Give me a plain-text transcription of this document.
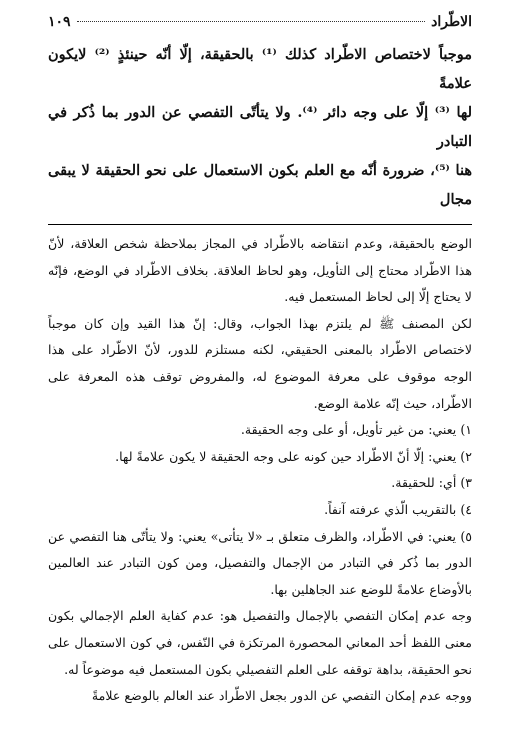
الاطّراد
١٠٩

موجباً لاختصاص الاطّراد كذلك ⁽¹⁾ بالحقيقة، إلّا أنّه حينئذٍ ⁽²⁾ لايكون علامةً

لها ⁽³⁾ إلّا على وجه دائر ⁽⁴⁾. ولا يتأتّى التفصي عن الدور بما ذُكر في التبادر

هنا ⁽⁵⁾، ضرورة أنّه مع العلم بكون الاستعمال على نحو الحقيقة لا يبقى مجال

الوضع بالحقيقة، وعدم انتقاضه بالاطّراد في المجاز بملاحظة شخص العلاقة، لأنّ هذا الاطّراد محتاج إلى التأويل، وهو لحاظ العلاقة. بخلاف الاطّراد في الوضع، فإنّه لا يحتاج إلّا إلى لحاظ المستعمل فيه.

لكن المصنف ﷺ لم يلتزم بهذا الجواب، وقال: إنّ هذا القيد وإن كان موجباً لاختصاص الاطّراد بالمعنى الحقيقي، لكنه مستلزم للدور، لأنّ الاطّراد على هذا الوجه موقوف على معرفة الموضوع له، والمفروض توقف هذه المعرفة على الاطّراد، حيث إنّه علامة الوضع.

١) يعني: من غير تأويل، أو على وجه الحقيقة.
٢) يعني: إلّا أنّ الاطّراد حين كونه على وجه الحقيقة لا يكون علامةً لها.
٣) أي: للحقيقة.
٤) بالتقريب الّذي عرفته آنفاً.

٥) يعني: في الاطّراد، والظرف متعلق بـ «لا يتأتى» يعني: ولا يتأتّى هنا التفصي عن الدور بما ذُكر في التبادر من الإجمال والتفصيل، ومن كون التبادر عند العالمين بالأوضاع علامةً للوضع عند الجاهلين بها.

وجه عدم إمكان التفصي بالإجمال والتفصيل هو: عدم كفاية العلم الإجمالي بكون معنى اللفظ أحد المعاني المحصورة المرتكزة في النّفس، في كون الاستعمال على نحو الحقيقة، بداهة توقفه على العلم التفصيلي بكون المستعمل فيه موضوعاً له.

ووجه عدم إمكان التفصي عن الدور بجعل الاطّراد عند العالم بالوضع علامةً
